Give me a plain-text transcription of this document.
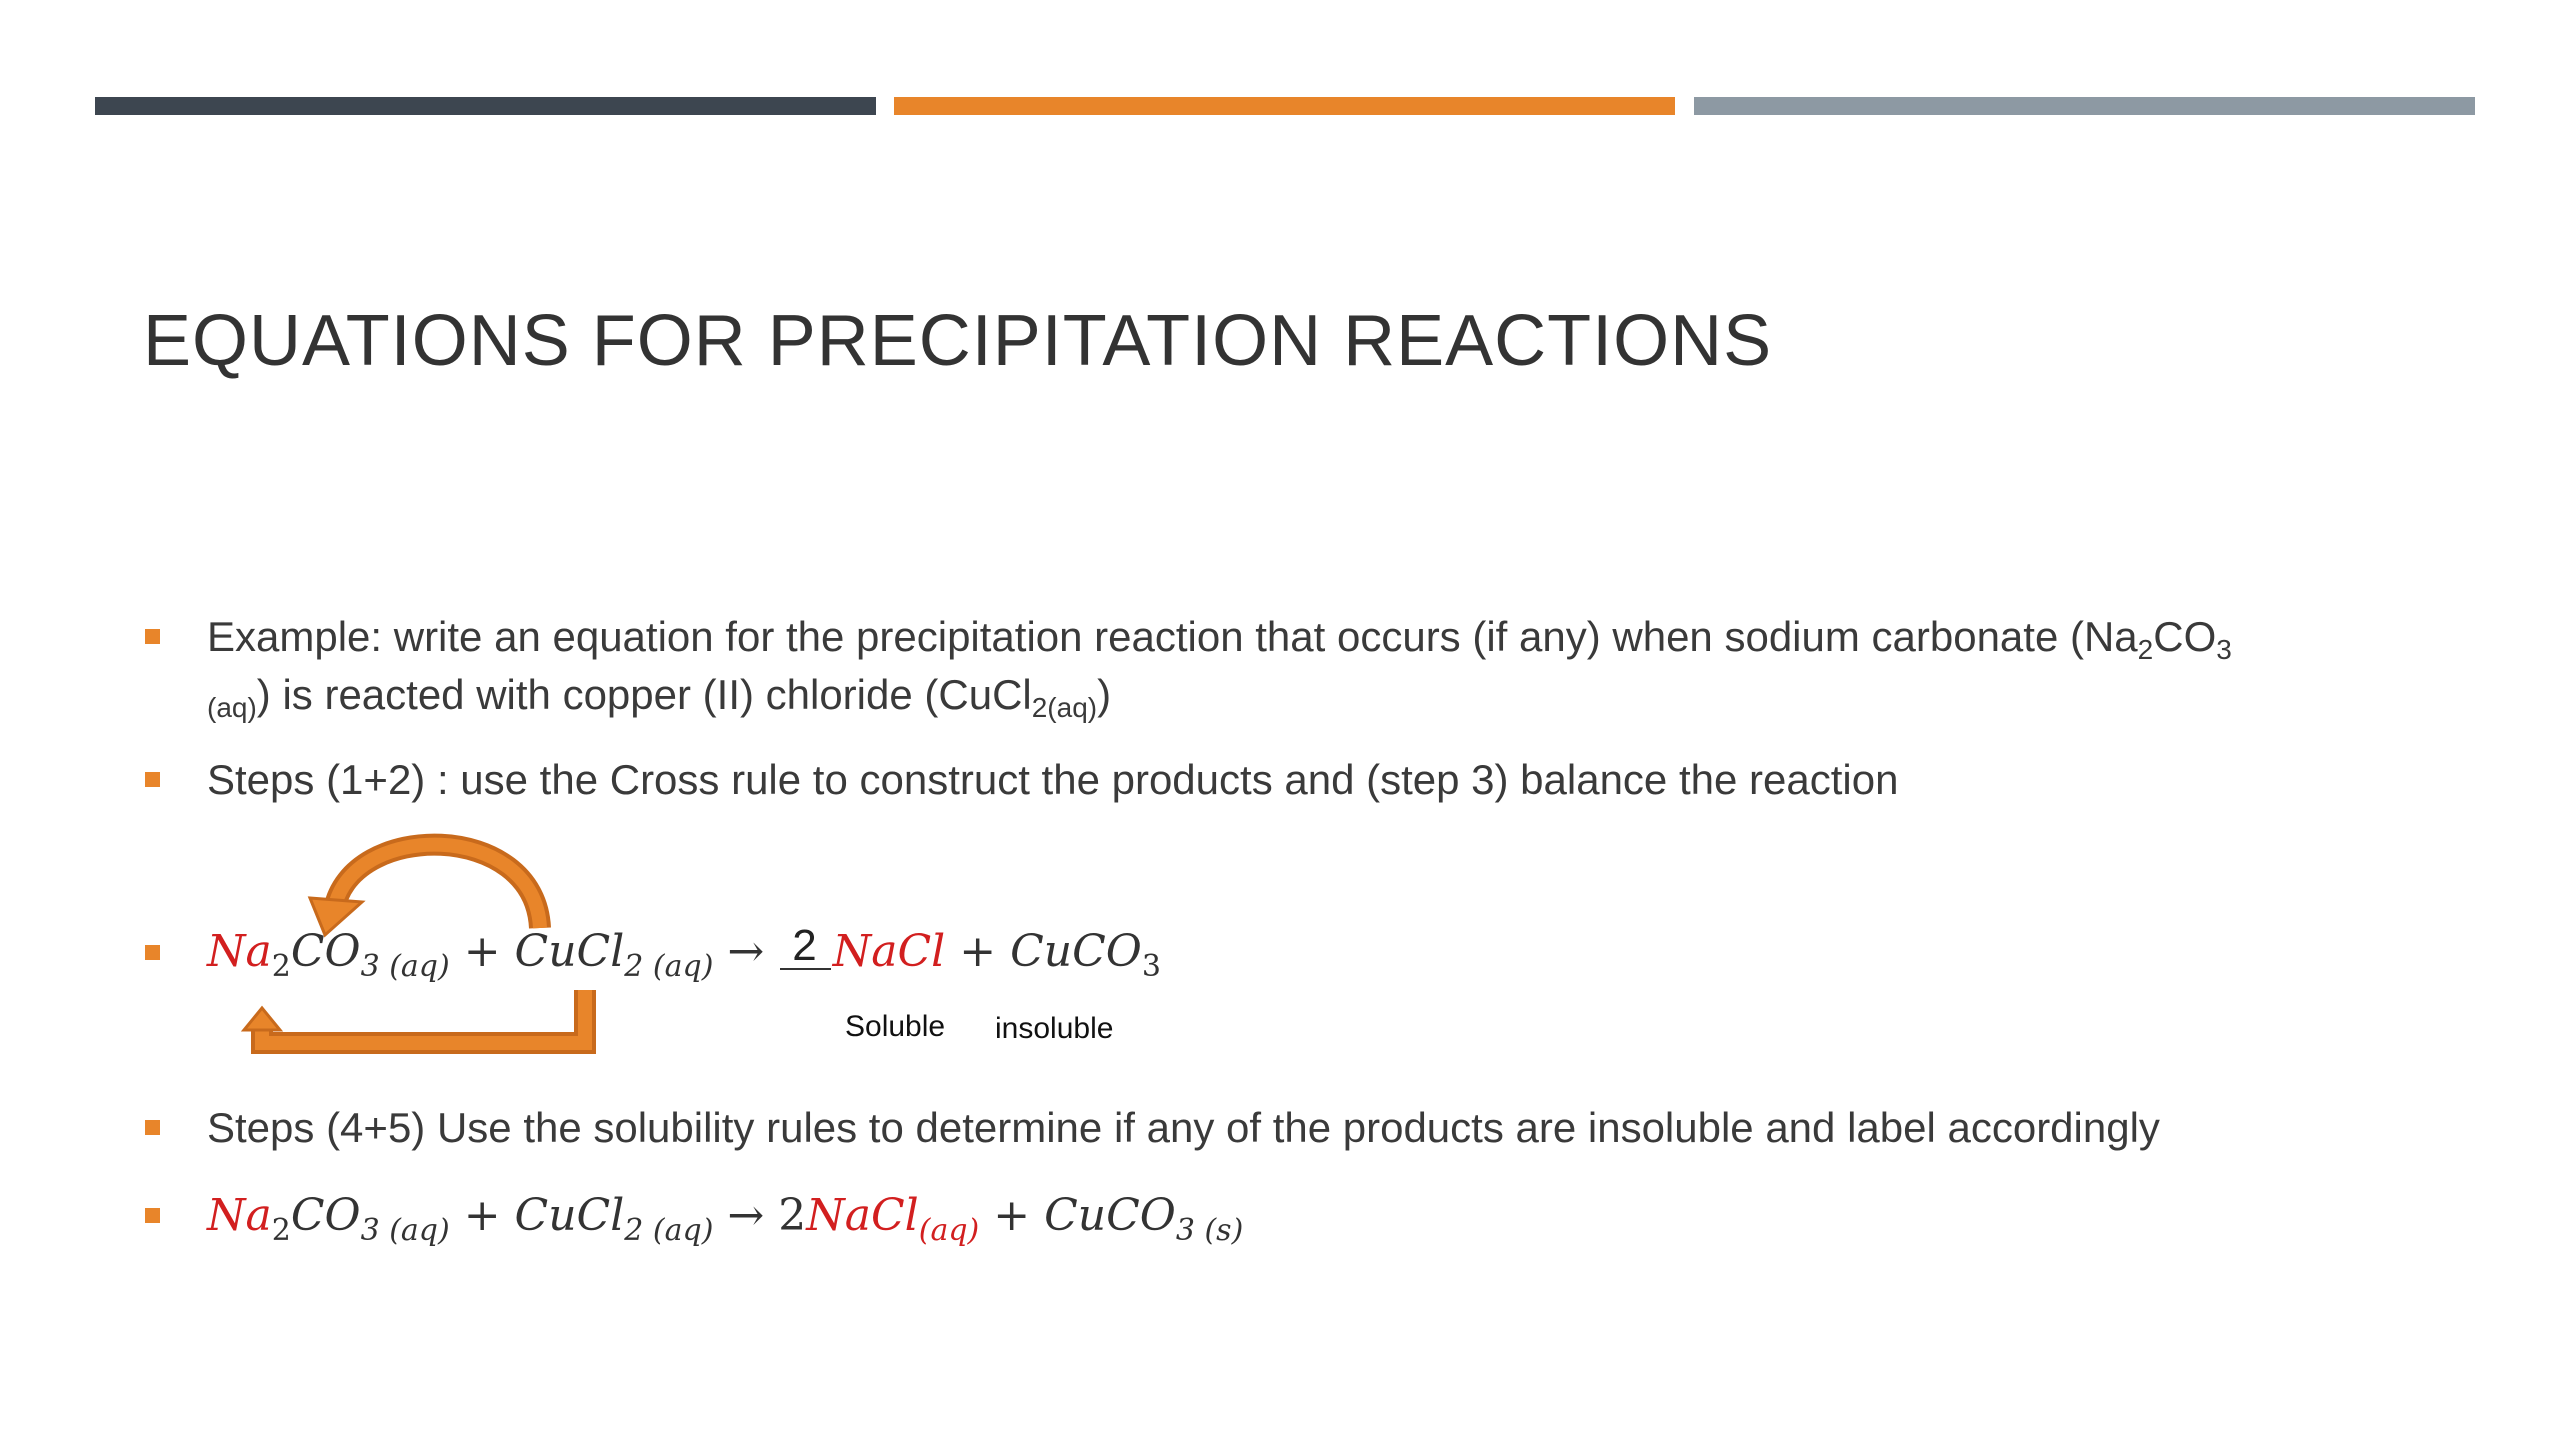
EQUATIONS FOR PRECIPITATION REACTIONS
Example: write an equation for the precipitation reaction that occurs (if any) when sodium carbonate ($Na_2CO_3$
$_{(aq)}$) is reacted with copper (II) chloride (CuCl$_{2(aq)}$)
Steps (1+2) : use the Cross rule to construct the products and (step 3) balance the reaction
$Na_2CO_{3 (aq)}$ + CuCl$_{2 (aq)}$ → 2 NaCl + CuCO$_3$
Soluble insoluble
Steps (4+5) Use the solubility rules to determine if any of the products are insoluble and label accordingly
$Na_2CO_{3 (aq)}$ + CuCl$_{2 (aq)}$ → 2NaCl$_{(aq)}$ + CuCO$_{3 (s)}$
